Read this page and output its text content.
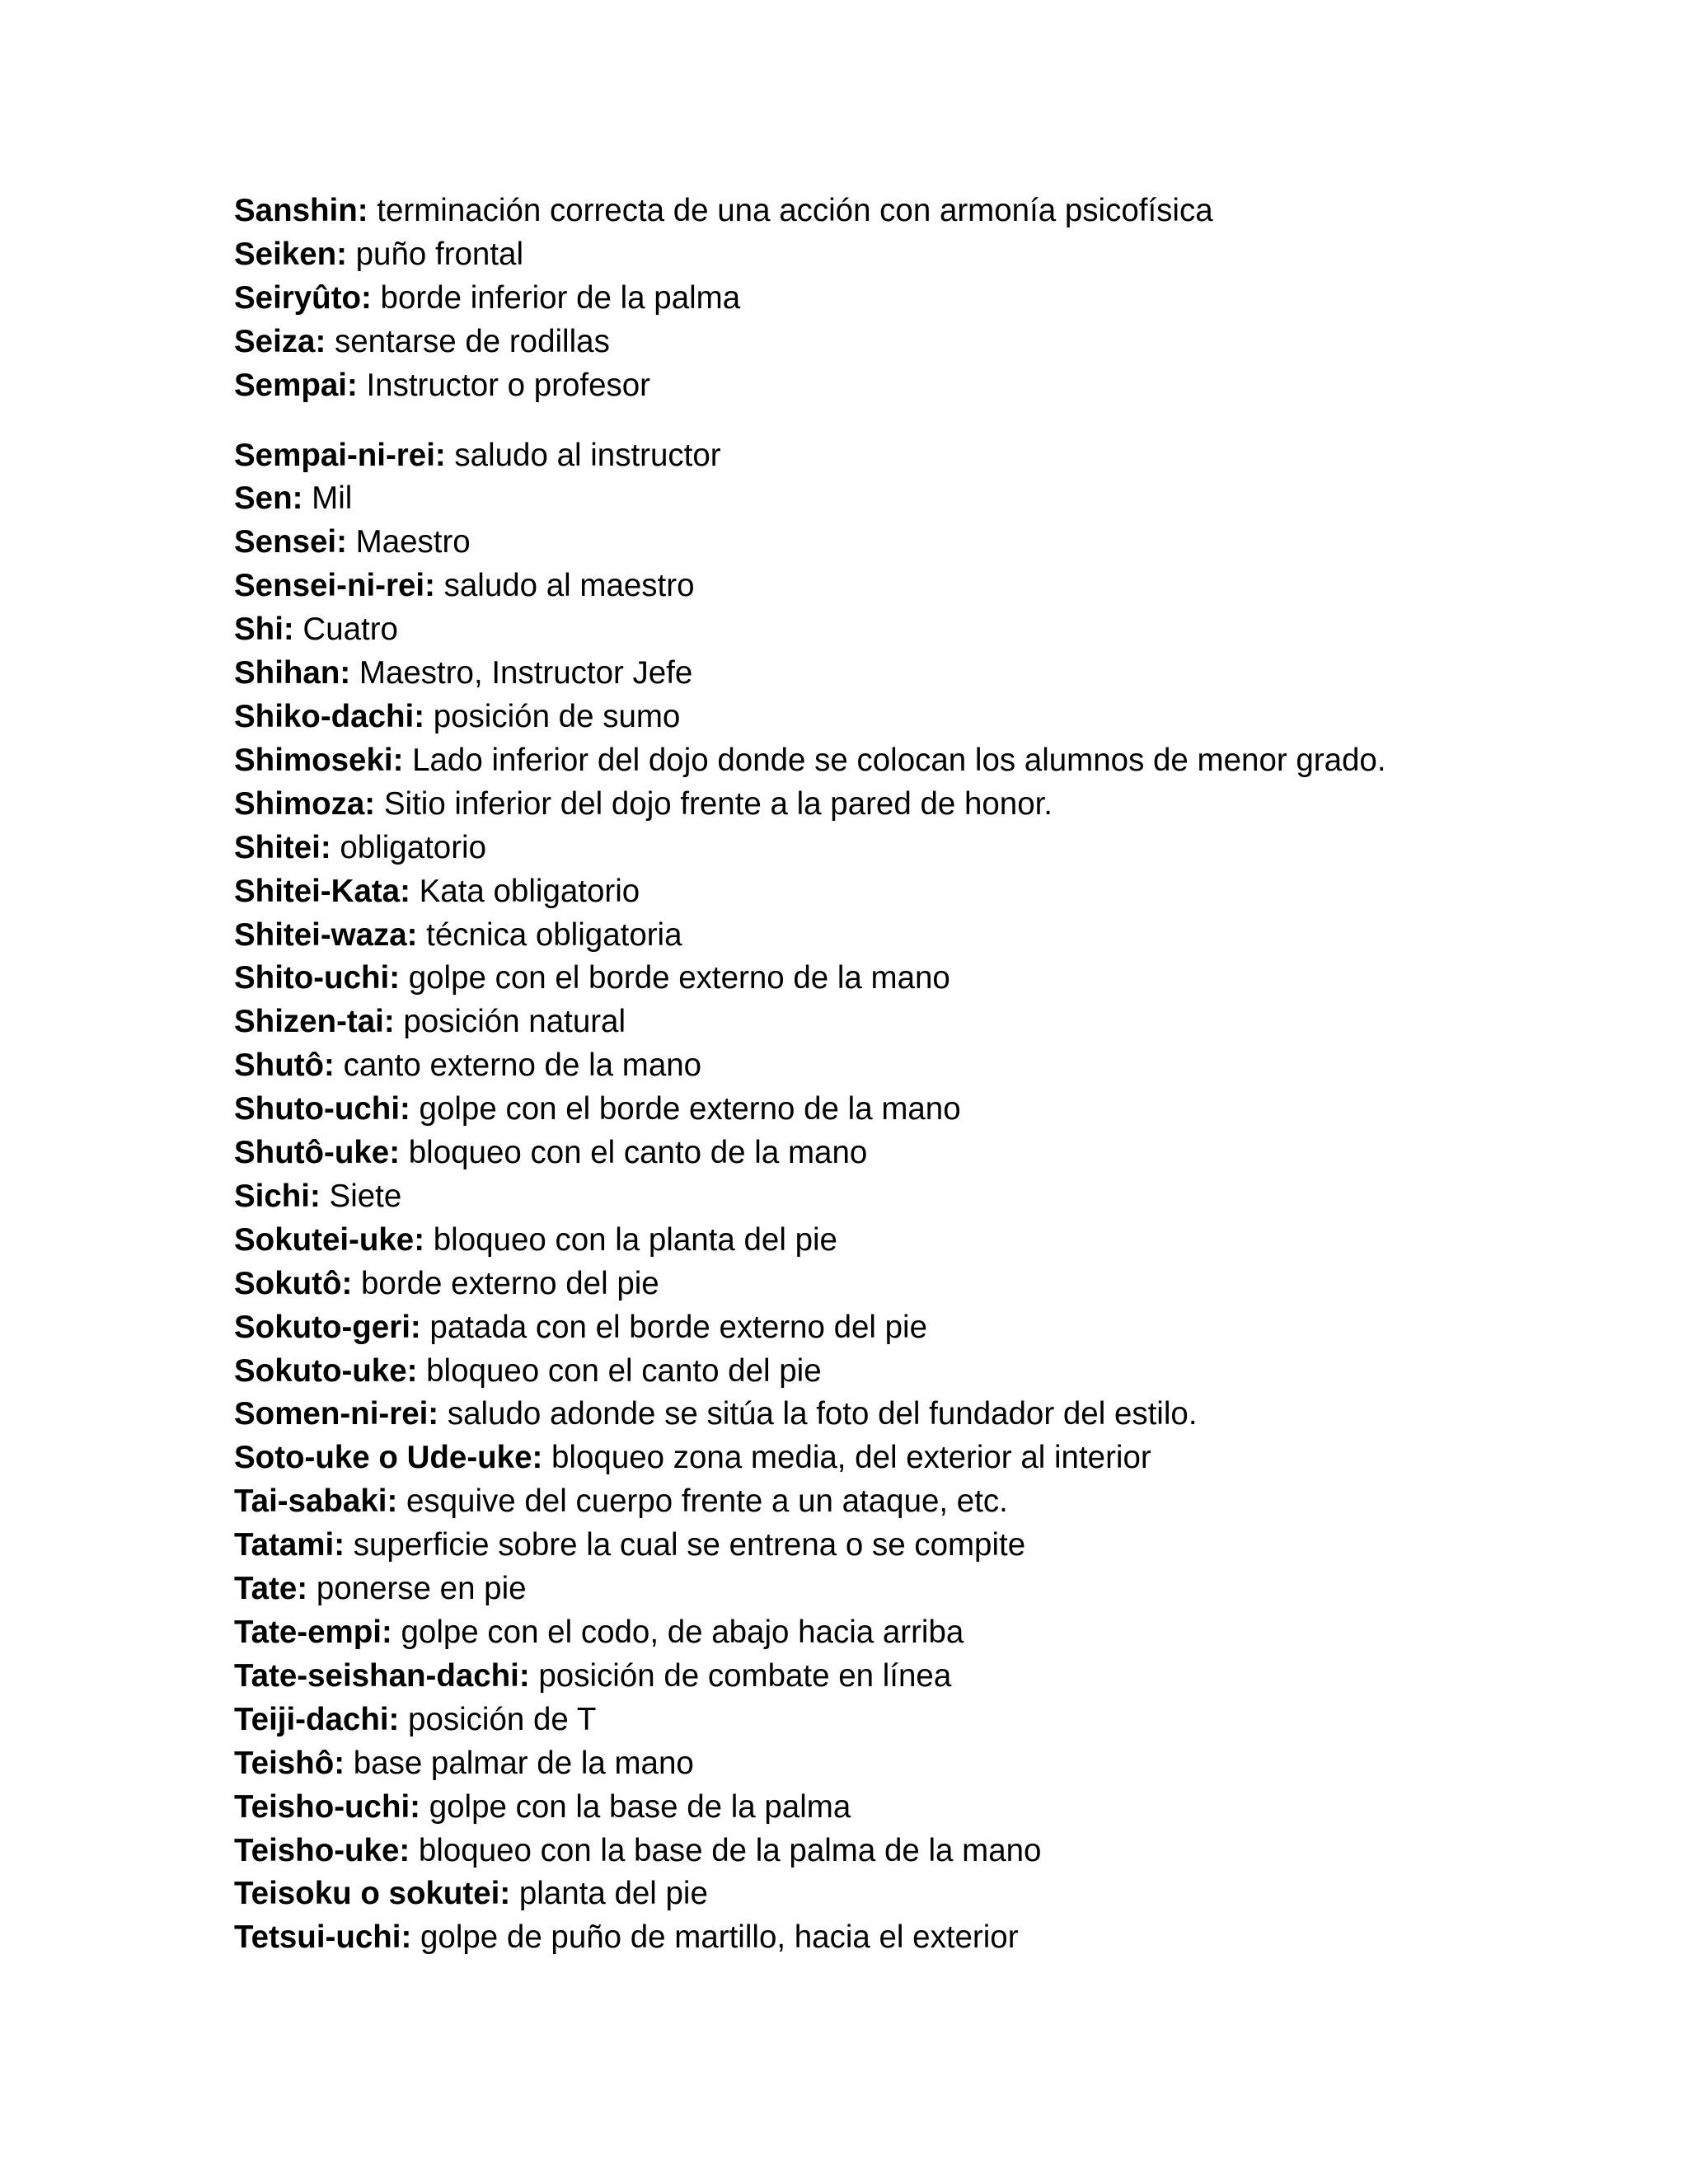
Sanshin: terminación correcta de una acción con armonía psicofísica

Seiken: puño frontal

Seiryûto: borde inferior de la palma

Seiza: sentarse de rodillas

Sempai: Instructor o profesor

Sempai-ni-rei: saludo al instructor

Sen: Mil

Sensei: Maestro

Sensei-ni-rei: saludo al maestro

Shi: Cuatro

Shihan: Maestro, Instructor Jefe

Shiko-dachi: posición de sumo

Shimoseki: Lado inferior del dojo donde se colocan los alumnos de menor grado.

Shimoza: Sitio inferior del dojo frente a la pared de honor.

Shitei: obligatorio

Shitei-Kata: Kata obligatorio

Shitei-waza: técnica obligatoria

Shito-uchi: golpe con el borde externo de la mano

Shizen-tai: posición natural

Shutô: canto externo de la mano

Shuto-uchi: golpe con el borde externo de la mano

Shutô-uke: bloqueo con el canto de la mano

Sichi: Siete

Sokutei-uke: bloqueo con la planta del pie

Sokutô: borde externo del pie

Sokuto-geri: patada con el borde externo del pie

Sokuto-uke: bloqueo con el canto del pie

Somen-ni-rei: saludo adonde se sitúa la foto del fundador del estilo.

Soto-uke o Ude-uke: bloqueo zona media, del exterior al interior

Tai-sabaki: esquive del cuerpo frente a un ataque, etc.

Tatami: superficie sobre la cual se entrena o se compite

Tate: ponerse en pie

Tate-empi: golpe con el codo, de abajo hacia arriba

Tate-seishan-dachi: posición de combate en línea

Teiji-dachi: posición de T

Teishô: base palmar de la mano

Teisho-uchi: golpe con la base de la palma

Teisho-uke: bloqueo con la base de la palma de la mano

Teisoku o sokutei: planta del pie

Tetsui-uchi: golpe de puño de martillo, hacia el exterior
